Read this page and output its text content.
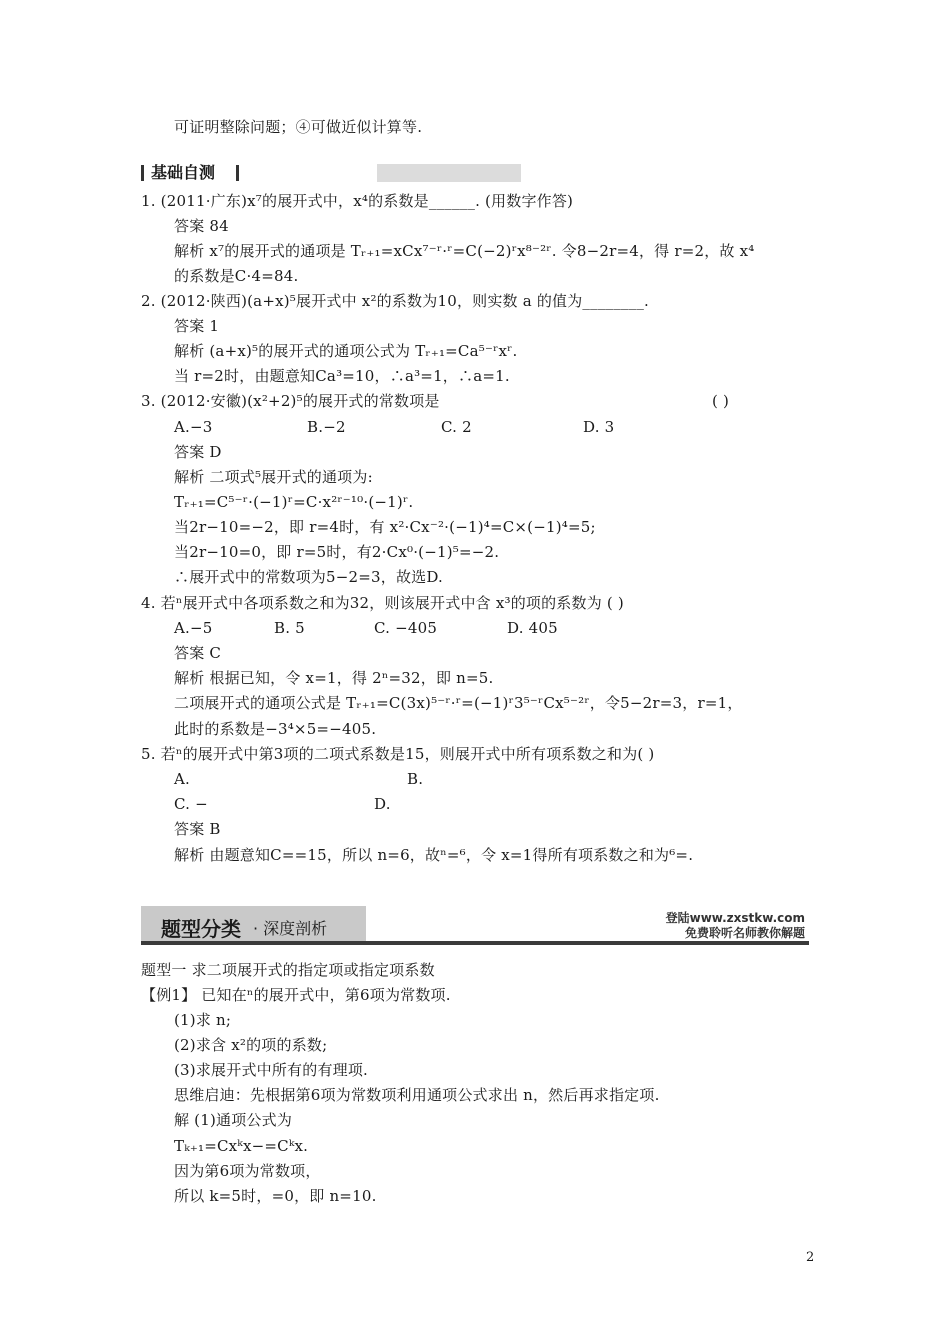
可证明整除问题；④可做近似计算等.
1. (2011·广东)x⁷的展开式中，x⁴的系数是______. (用数字作答)
答案 84
解析 x⁷的展开式的通项是 Tᵣ₊₁=xCx⁷⁻ʳ·ʳ=C(−2)ʳx⁸⁻²ʳ. 令8−2r=4，得 r=2，故 x⁴
的系数是C·4=84.
2. (2012·陕西)(a+x)⁵展开式中 x²的系数为10，则实数 a 的值为________.
答案 1
解析 (a+x)⁵的展开式的通项公式为 Tᵣ₊₁=Ca⁵⁻ʳxʳ.
当 r=2时，由题意知Ca³=10，∴a³=1，∴a=1.
3. (2012·安徽)(x²+2)⁵的展开式的常数项是	( )
A.−3	B.−2	C. 2	D. 3
答案 D
解析 二项式⁵展开式的通项为:
Tᵣ₊₁=C⁵⁻ʳ·(−1)ʳ=C·x²ʳ⁻¹⁰·(−1)ʳ.
当2r−10=−2，即 r=4时，有 x²·Cx⁻²·(−1)⁴=C×(−1)⁴=5;
当2r−10=0，即 r=5时，有2·Cx⁰·(−1)⁵=−2.
∴展开式中的常数项为5−2=3，故选D.
4. 若ⁿ展开式中各项系数之和为32，则该展开式中含 x³的项的系数为 ( )
A.−5	B. 5	C. −405	D. 405
答案 C
解析 根据已知，令 x=1，得 2ⁿ=32，即 n=5.
二项展开式的通项公式是 Tᵣ₊₁=C(3x)⁵⁻ʳ·ʳ=(−1)ʳ3⁵⁻ʳCx⁵⁻²ʳ，令5−2r=3，r=1，
此时的系数是−3⁴×5=−405.
5. 若ⁿ的展开式中第3项的二项式系数是15，则展开式中所有项系数之和为( )
A.	B.
C. −	D.
答案 B
解析 由题意知C==15，所以 n=6，故ⁿ=⁶，令 x=1得所有项系数之和为⁶=.
题型一 求二项展开式的指定项或指定项系数
【例1】 已知在ⁿ的展开式中，第6项为常数项.
(1)求 n;
(2)求含 x²的项的系数;
(3)求展开式中所有的有理项.
思维启迪：先根据第6项为常数项利用通项公式求出 n，然后再求指定项.
解 (1)通项公式为
Tₖ₊₁=Cxᵏx−=Cᵏx.
因为第6项为常数项，
所以 k=5时，=0，即 n=10.
基础自测
题型分类 · 深度剖析
登陆www.zxstkw.com
免费聆听名师教你解题
2
